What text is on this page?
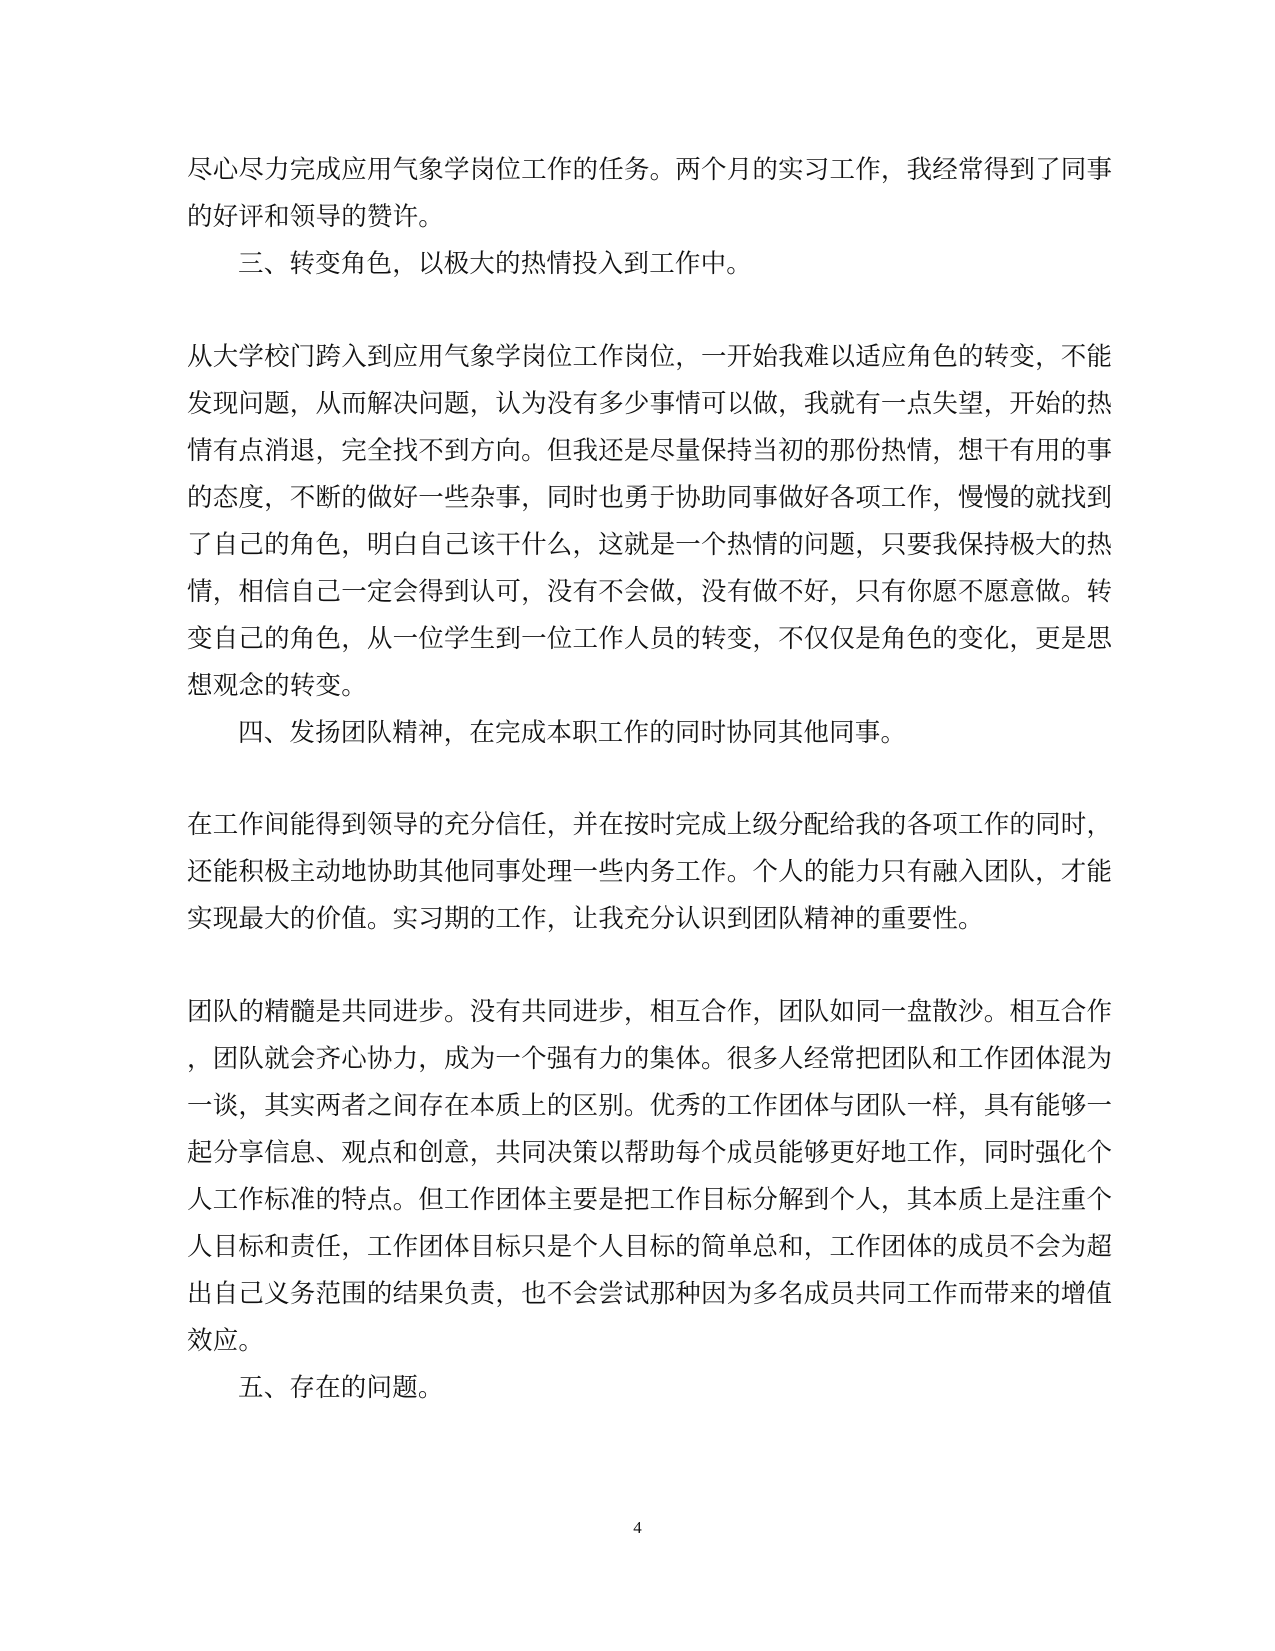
尽心尽力完成应用气象学岗位工作的任务。两个月的实习工作，我经常得到了同事
的好评和领导的赞许。
三、转变角色，以极大的热情投入到工作中。
从大学校门跨入到应用气象学岗位工作岗位，一开始我难以适应角色的转变，不能
发现问题，从而解决问题，认为没有多少事情可以做，我就有一点失望，开始的热
情有点消退，完全找不到方向。但我还是尽量保持当初的那份热情，想干有用的事
的态度，不断的做好一些杂事，同时也勇于协助同事做好各项工作，慢慢的就找到
了自己的角色，明白自己该干什么，这就是一个热情的问题，只要我保持极大的热
情，相信自己一定会得到认可，没有不会做，没有做不好，只有你愿不愿意做。转
变自己的角色，从一位学生到一位工作人员的转变，不仅仅是角色的变化，更是思
想观念的转变。
四、发扬团队精神，在完成本职工作的同时协同其他同事。
在工作间能得到领导的充分信任，并在按时完成上级分配给我的各项工作的同时，
还能积极主动地协助其他同事处理一些内务工作。个人的能力只有融入团队，才能
实现最大的价值。实习期的工作，让我充分认识到团队精神的重要性。
团队的精髓是共同进步。没有共同进步，相互合作，团队如同一盘散沙。相互合作
，团队就会齐心协力，成为一个强有力的集体。很多人经常把团队和工作团体混为
一谈，其实两者之间存在本质上的区别。优秀的工作团体与团队一样，具有能够一
起分享信息、观点和创意，共同决策以帮助每个成员能够更好地工作，同时强化个
人工作标准的特点。但工作团体主要是把工作目标分解到个人，其本质上是注重个
人目标和责任，工作团体目标只是个人目标的简单总和，工作团体的成员不会为超
出自己义务范围的结果负责，也不会尝试那种因为多名成员共同工作而带来的增值
效应。
五、存在的问题。
4
